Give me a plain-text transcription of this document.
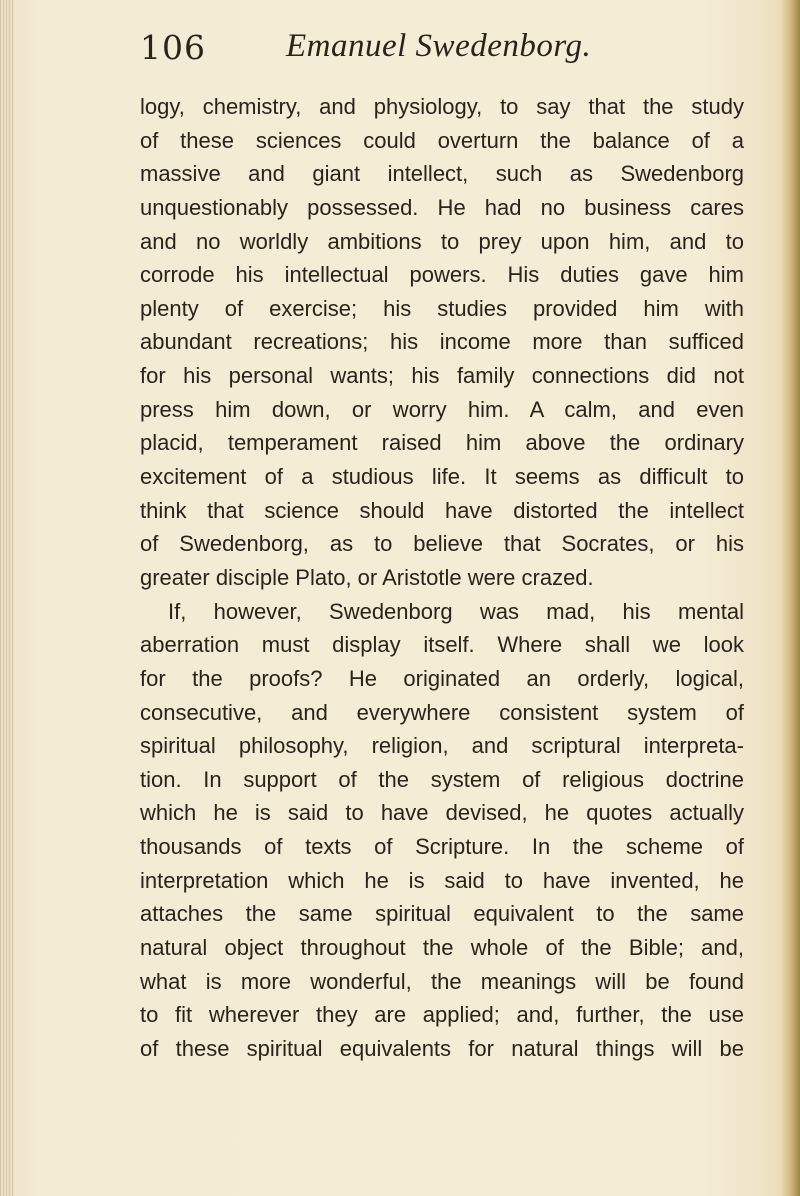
106 Emanuel Swedenborg.
logy, chemistry, and physiology, to say that the study
of these sciences could overturn the balance of a
massive and giant intellect, such as Swedenborg
unquestionably possessed. He had no business cares
and no worldly ambitions to prey upon him, and to
corrode his intellectual powers. His duties gave him
plenty of exercise; his studies provided him with
abundant recreations; his income more than sufficed
for his personal wants; his family connections did not
press him down, or worry him. A calm, and even
placid, temperament raised him above the ordinary
excitement of a studious life. It seems as difficult to
think that science should have distorted the intellect
of Swedenborg, as to believe that Socrates, or his
greater disciple Plato, or Aristotle were crazed.
If, however, Swedenborg was mad, his mental
aberration must display itself. Where shall we look
for the proofs? He originated an orderly, logical,
consecutive, and everywhere consistent system of
spiritual philosophy, religion, and scriptural interpreta-
tion. In support of the system of religious doctrine
which he is said to have devised, he quotes actually
thousands of texts of Scripture. In the scheme of
interpretation which he is said to have invented, he
attaches the same spiritual equivalent to the same
natural object throughout the whole of the Bible; and,
what is more wonderful, the meanings will be found
to fit wherever they are applied; and, further, the use
of these spiritual equivalents for natural things will be
